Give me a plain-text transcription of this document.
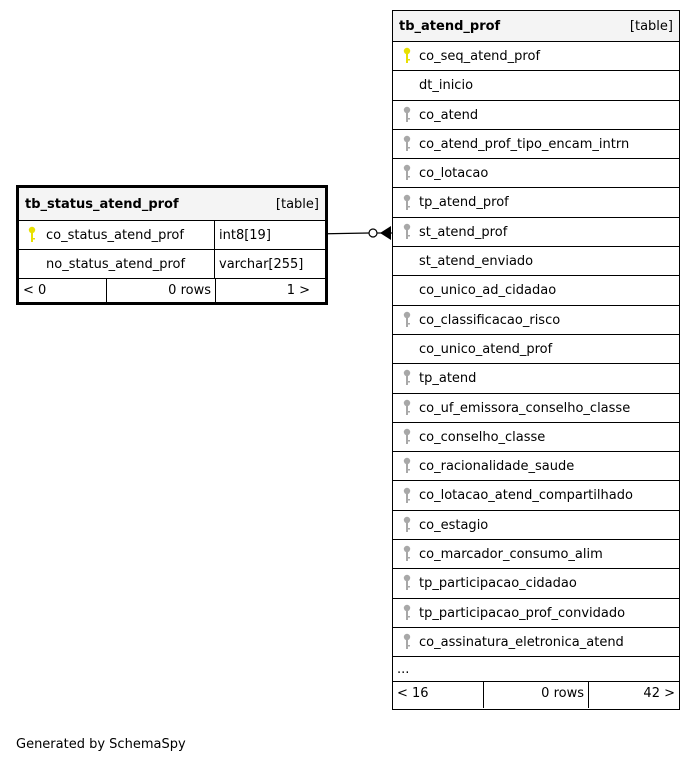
tb_status_atend_prof	[table]
co_status_atend_prof	int8[19]
no_status_atend_prof	varchar[255]
< 0	0 rows	1 >
tb_atend_prof	[table]
co_seq_atend_prof
dt_inicio
co_atend
co_atend_prof_tipo_encam_intrn
co_lotacao
tp_atend_prof
st_atend_prof
st_atend_enviado
co_unico_ad_cidadao
co_classificacao_risco
co_unico_atend_prof
tp_atend
co_uf_emissora_conselho_classe
co_conselho_classe
co_racionalidade_saude
co_lotacao_atend_compartilhado
co_estagio
co_marcador_consumo_alim
tp_participacao_cidadao
tp_participacao_prof_convidado
co_assinatura_eletronica_atend
...
< 16	0 rows	42 >
Generated by SchemaSpy
